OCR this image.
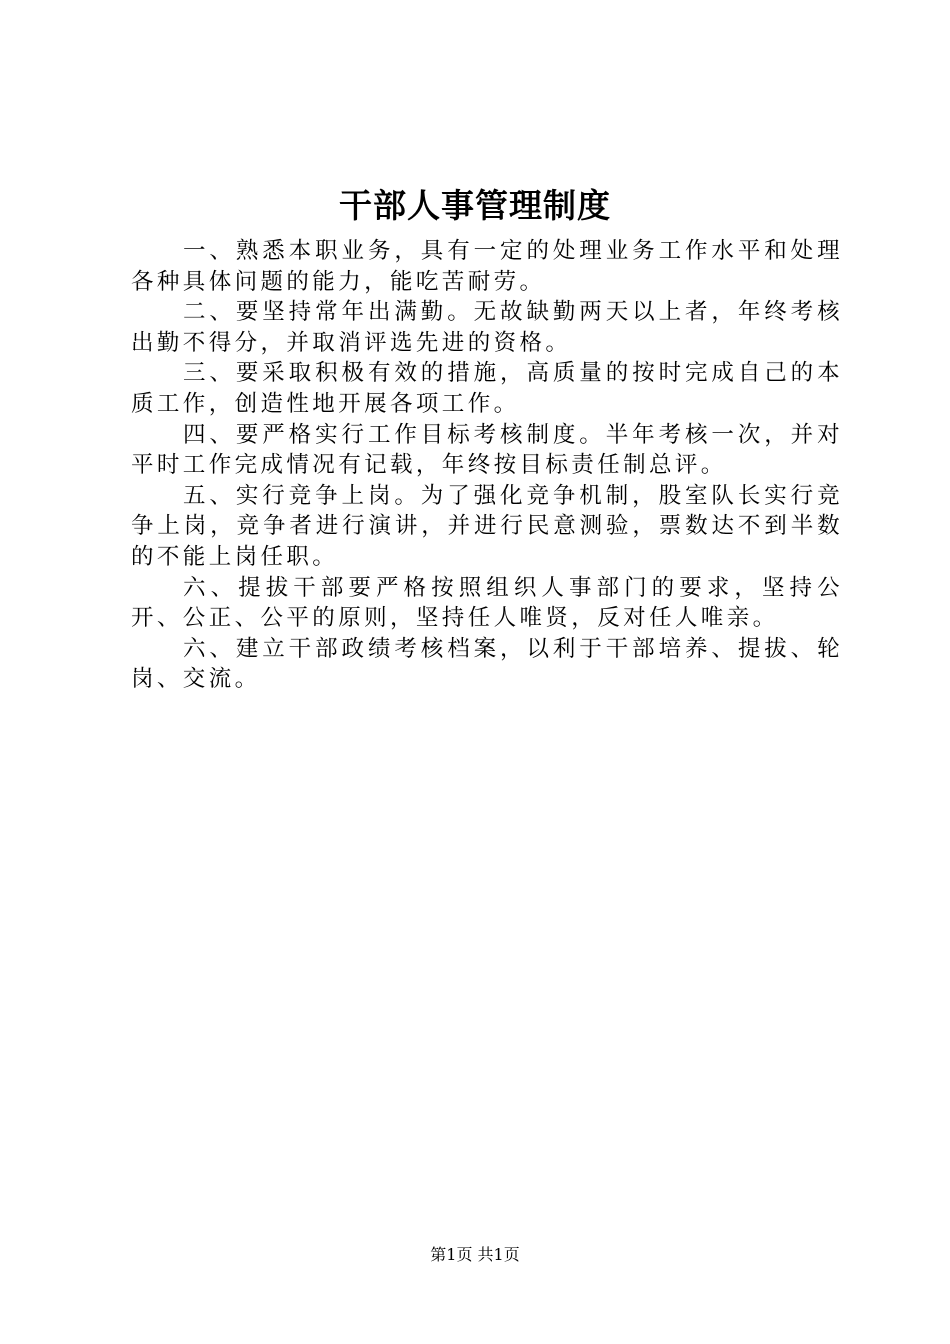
干部人事管理制度

一、熟悉本职业务，具有一定的处理业务工作水平和处理各种具体问题的能力，能吃苦耐劳。

二、要坚持常年出满勤。无故缺勤两天以上者，年终考核出勤不得分，并取消评选先进的资格。

三、要采取积极有效的措施，高质量的按时完成自己的本质工作，创造性地开展各项工作。

四、要严格实行工作目标考核制度。半年考核一次，并对平时工作完成情况有记载，年终按目标责任制总评。

五、实行竞争上岗。为了强化竞争机制，股室队长实行竞争上岗，竞争者进行演讲，并进行民意测验，票数达不到半数的不能上岗任职。

六、提拔干部要严格按照组织人事部门的要求，坚持公开、公正、公平的原则，坚持任人唯贤，反对任人唯亲。

六、建立干部政绩考核档案，以利于干部培养、提拔、轮岗、交流。

第1页 共1页
